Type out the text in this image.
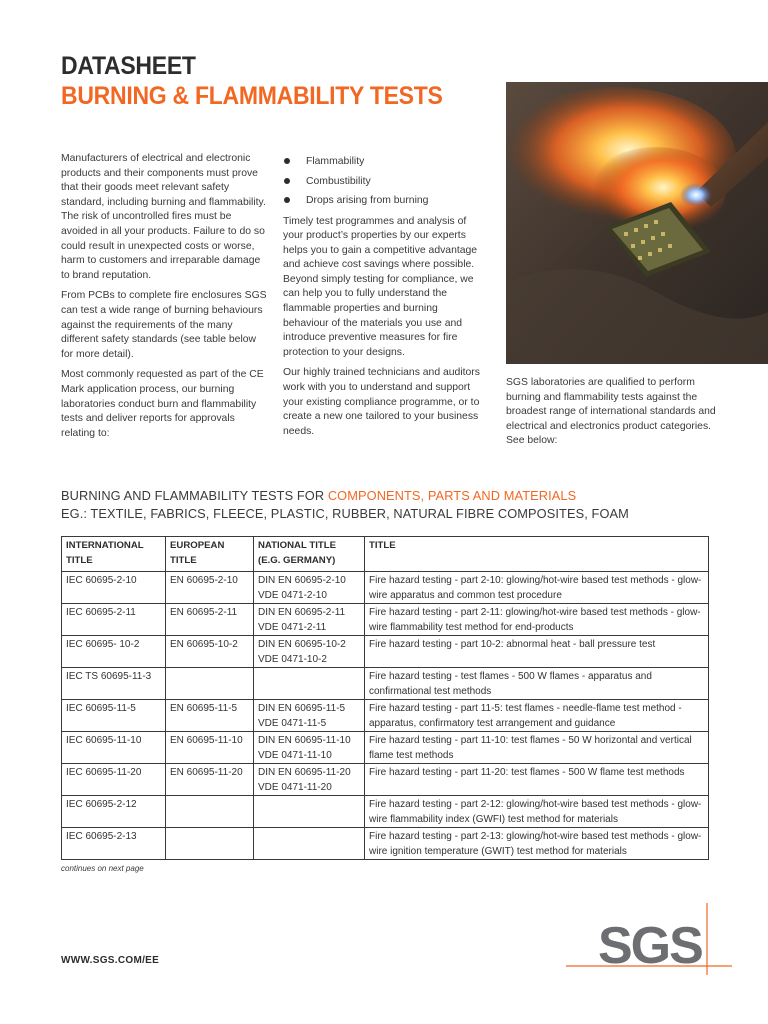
DATASHEET
BURNING & FLAMMABILITY TESTS

Manufacturers of electrical and electronic products and their components must prove that their goods meet relevant safety standard, including burning and flammability. The risk of uncontrolled fires must be avoided in all your products. Failure to do so could result in unexpected costs or worse, harm to customers and irreparable damage to brand reputation.

From PCBs to complete fire enclosures SGS can test a wide range of burning behaviours against the requirements of the many different safety standards (see table below for more detail).

Most commonly requested as part of the CE Mark application process, our burning laboratories conduct burn and flammability tests and deliver reports for approvals relating to:

Flammability
Combustibility
Drops arising from burning

Timely test programmes and analysis of your product’s properties by our experts helps you to gain a competitive advantage and achieve cost savings where possible. Beyond simply testing for compliance, we can help you to fully understand the flammable properties and burning behaviour of the materials you use and introduce preventive measures for fire protection to your designs.

Our highly trained technicians and auditors work with you to understand and support your existing compliance programme, or to create a new one tailored to your business needs.

SGS laboratories are qualified to perform burning and flammability tests against the broadest range of international standards and electrical and electronics product categories. See below:

BURNING AND FLAMMABILITY TESTS FOR COMPONENTS, PARTS AND MATERIALS
EG.: TEXTILE, FABRICS, FLEECE, PLASTIC, RUBBER, NATURAL FIBRE COMPOSITES, FOAM
INTERNATIONAL TITLE	EUROPEAN TITLE	NATIONAL TITLE (E.G. GERMANY)	TITLE
IEC 60695-2-10	EN 60695-2-10	DIN EN 60695-2-10 VDE 0471-2-10	Fire hazard testing - part 2-10: glowing/hot-wire based test methods - glow-wire apparatus and common test procedure
IEC 60695-2-11	EN 60695-2-11	DIN EN 60695-2-11 VDE 0471-2-11	Fire hazard testing - part 2-11: glowing/hot-wire based test methods - glow-wire flammability test method for end-products
IEC 60695- 10-2	EN 60695-10-2	DIN EN 60695-10-2 VDE 0471-10-2	Fire hazard testing - part 10-2: abnormal heat - ball pressure test
IEC TS 60695-11-3			Fire hazard testing - test flames - 500 W flames - apparatus and confirmational test methods
IEC 60695-11-5	EN 60695-11-5	DIN EN 60695-11-5 VDE 0471-11-5	Fire hazard testing - part 11-5: test flames - needle-flame test method - apparatus, confirmatory test arrangement and guidance
IEC 60695-11-10	EN 60695-11-10	DIN EN 60695-11-10 VDE 0471-11-10	Fire hazard testing - part 11-10: test flames - 50 W horizontal and vertical flame test methods
IEC 60695-11-20	EN 60695-11-20	DIN EN 60695-11-20 VDE 0471-11-20	Fire hazard testing - part 11-20: test flames - 500 W flame test methods
IEC 60695-2-12			Fire hazard testing - part 2-12: glowing/hot-wire based test methods - glow-wire flammability index (GWFI) test method for materials
IEC 60695-2-13			Fire hazard testing - part 2-13: glowing/hot-wire based test methods - glow-wire ignition temperature (GWIT) test method for materials
continues on next page
WWW.SGS.COM/EE	SGS
